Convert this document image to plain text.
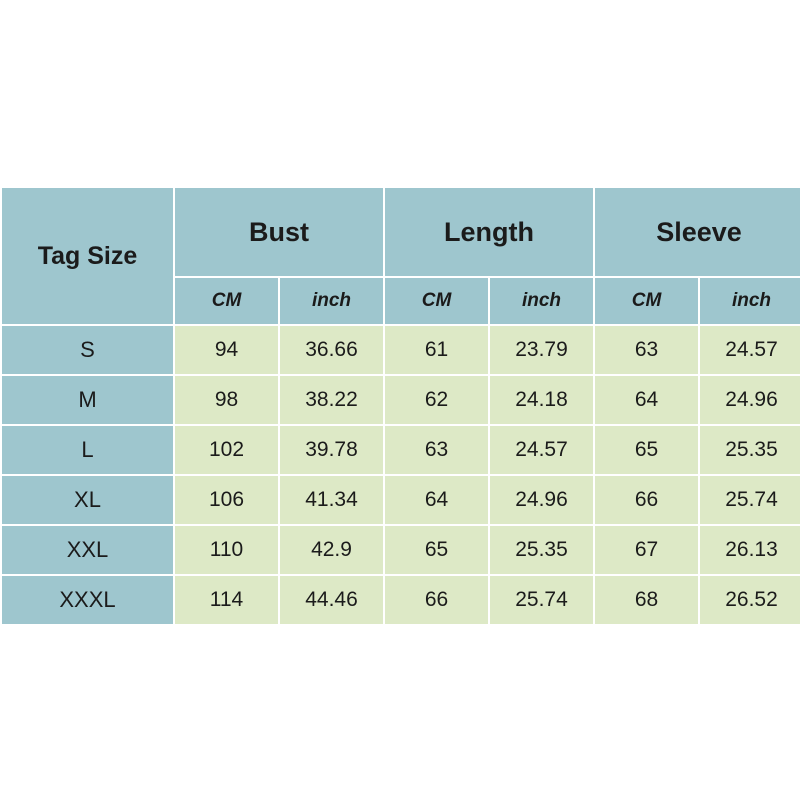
Tag Size	Bust		Length		Sleeve	
	CM	inch	CM	inch	CM	inch
S	94	36.66	61	23.79	63	24.57
M	98	38.22	62	24.18	64	24.96
L	102	39.78	63	24.57	65	25.35
XL	106	41.34	64	24.96	66	25.74
XXL	110	42.9	65	25.35	67	26.13
XXXL	114	44.46	66	25.74	68	26.52
